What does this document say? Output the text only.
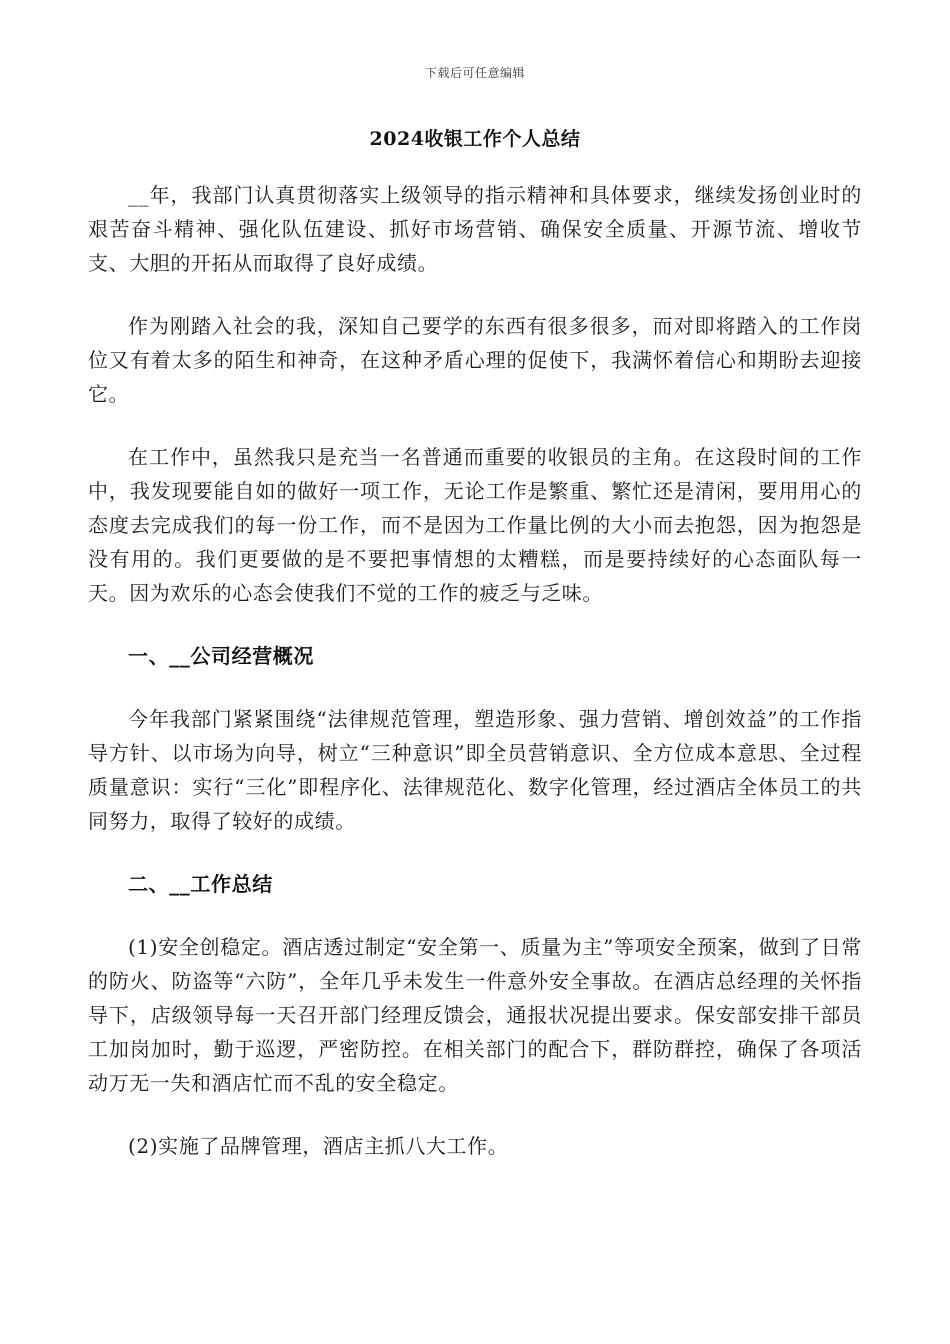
下载后可任意编辑
2024收银工作个人总结

__年，我部门认真贯彻落实上级领导的指示精神和具体要求，继续发扬创业时的艰苦奋斗精神、强化队伍建设、抓好市场营销、确保安全质量、开源节流、增收节支、大胆的开拓从而取得了良好成绩。

作为刚踏入社会的我，深知自己要学的东西有很多很多，而对即将踏入的工作岗位又有着太多的陌生和神奇，在这种矛盾心理的促使下，我满怀着信心和期盼去迎接它。

在工作中，虽然我只是充当一名普通而重要的收银员的主角。在这段时间的工作中，我发现要能自如的做好一项工作，无论工作是繁重、繁忙还是清闲，要用用心的态度去完成我们的每一份工作，而不是因为工作量比例的大小而去抱怨，因为抱怨是没有用的。我们更要做的是不要把事情想的太糟糕，而是要持续好的心态面队每一天。因为欢乐的心态会使我们不觉的工作的疲乏与乏味。

一、__公司经营概况

今年我部门紧紧围绕“法律规范管理，塑造形象、强力营销、增创效益”的工作指导方针、以市场为向导，树立“三种意识”即全员营销意识、全方位成本意思、全过程质量意识：实行“三化”即程序化、法律规范化、数字化管理，经过酒店全体员工的共同努力，取得了较好的成绩。

二、__工作总结

(1)安全创稳定。酒店透过制定“安全第一、质量为主”等项安全预案，做到了日常的防火、防盗等“六防”，全年几乎未发生一件意外安全事故。在酒店总经理的关怀指导下，店级领导每一天召开部门经理反馈会，通报状况提出要求。保安部安排干部员工加岗加时，勤于巡逻，严密防控。在相关部门的配合下，群防群控，确保了各项活动万无一失和酒店忙而不乱的安全稳定。

(2)实施了品牌管理，酒店主抓八大工作。
